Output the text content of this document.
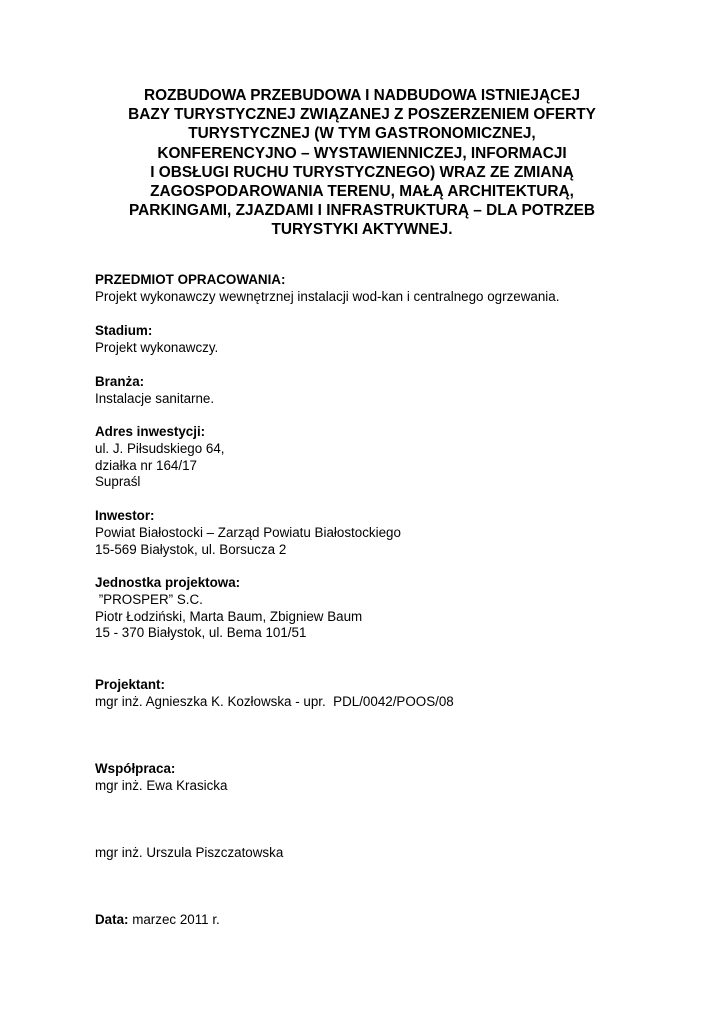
ROZBUDOWA PRZEBUDOWA I NADBUDOWA ISTNIEJĄCEJ
BAZY TURYSTYCZNEJ ZWIĄZANEJ Z POSZERZENIEM OFERTY
TURYSTYCZNEJ (W TYM GASTRONOMICZNEJ,
KONFERENCYJNO – WYSTAWIENNICZEJ, INFORMACJI
I OBSŁUGI RUCHU TURYSTYCZNEGO) WRAZ ZE ZMIANĄ
ZAGOSPODAROWANIA TERENU, MAŁĄ ARCHITEKTURĄ,
PARKINGAMI, ZJAZDAMI I INFRASTRUKTURĄ – DLA POTRZEB
TURYSTYKI AKTYWNEJ.
PRZEDMIOT OPRACOWANIA:
Projekt wykonawczy wewnętrznej instalacji wod-kan i centralnego ogrzewania.
Stadium:
Projekt wykonawczy.
Branża:
Instalacje sanitarne.
Adres inwestycji:
ul. J. Piłsudskiego 64,
działka nr 164/17
Supraśl
Inwestor:
Powiat Białostocki – Zarząd Powiatu Białostockiego
15-569 Białystok, ul. Borsucza 2
Jednostka projektowa:
”PROSPER” S.C.
Piotr Łodziński, Marta Baum, Zbigniew Baum
15 - 370 Białystok, ul. Bema 101/51
Projektant:
mgr inż. Agnieszka K. Kozłowska - upr.  PDL/0042/POOS/08
Współpraca:
mgr inż. Ewa Krasicka
mgr inż. Urszula Piszczatowska
Data: marzec 2011 r.
